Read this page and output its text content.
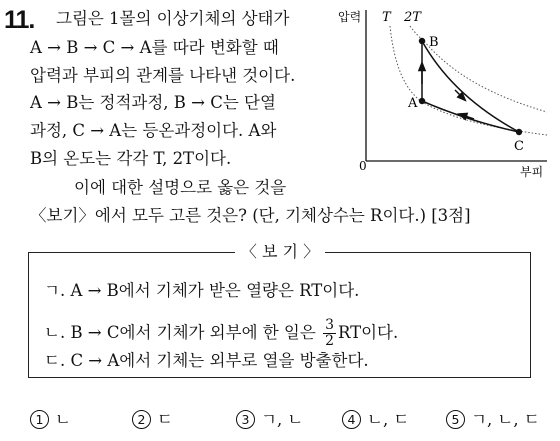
11. 그림은 1몰의 이상기체의 상태가
A → B → C → A를 따라 변화할 때
압력과 부피의 관계를 나타낸 것이다.
A → B는 정적과정, B → C는 단열
과정, C → A는 등온과정이다. A와
B의 온도는 각각 T, 2T이다.
이에 대한 설명으로 옳은 것을
〈보기〉에서 모두 고른 것은? (단, 기체상수는 R이다.) [3점]
압력
부피
0
T 2T
A
B
C
〈 보 기 〉
ㄱ. A → B에서 기체가 받은 열량은 RT이다.
ㄴ. B → C에서 기체가 외부에 한 일은 $\frac{3}{2}$ RT이다.
ㄷ. C → A에서 기체는 외부로 열을 방출한다.
1 ㄴ	2 ㄷ	3 ㄱ, ㄴ	4 ㄴ, ㄷ	5 ㄱ, ㄴ, ㄷ
